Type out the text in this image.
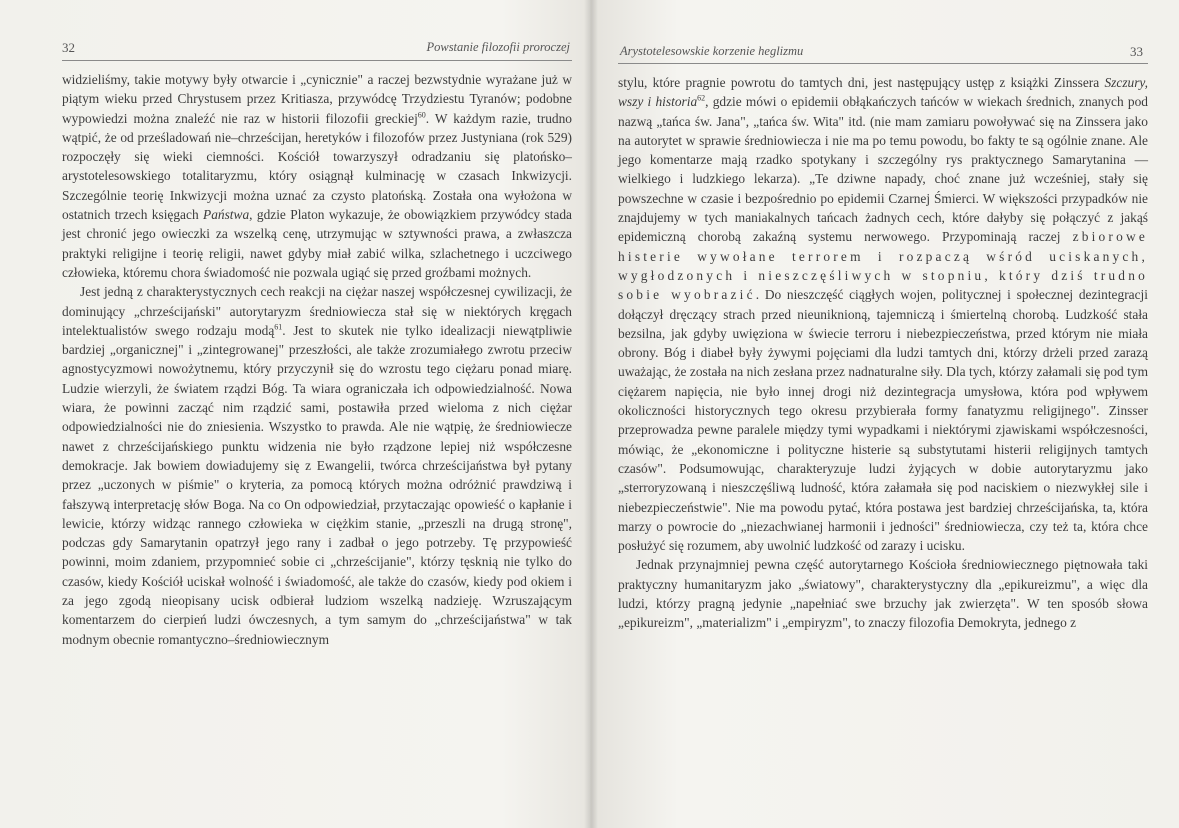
32	Powstanie filozofii proroczej

widzieliśmy, takie motywy były otwarcie i „cynicznie" a raczej bezwstydnie wyrażane już w piątym wieku przed Chrystusem przez Kritiasza, przywódcę Trzydziestu Tyranów; podobne wypowiedzi można znaleźć nie raz w historii filozofii greckiej$^{60}$. W każdym razie, trudno wątpić, że od prześladowań nie–chrześcijan, heretyków i filozofów przez Justyniana (rok 529) rozpoczęły się wieki ciemności. Kościół towarzyszył odradzaniu się platońsko–arystotelesowskiego totalitaryzmu, który osiągnął kulminację w czasach Inkwizycji. Szczególnie teorię Inkwizycji można uznać za czysto platońską. Została ona wyłożona w ostatnich trzech księgach Państwa, gdzie Platon wykazuje, że obowiązkiem przywódcy stada jest chronić jego owieczki za wszelką cenę, utrzymując w sztywności prawa, a zwłaszcza praktyki religijne i teorię religii, nawet gdyby miał zabić wilka, szlachetnego i uczciwego człowieka, któremu chora świadomość nie pozwala ugiąć się przed groźbami możnych.

Jest jedną z charakterystycznych cech reakcji na ciężar naszej współczesnej cywilizacji, że dominujący „chrześcijański" autorytaryzm średniowiecza stał się w niektórych kręgach intelektualistów swego rodzaju modą$^{61}$. Jest to skutek nie tylko idealizacji niewątpliwie bardziej „organicznej" i „zintegrowanej" przeszłości, ale także zrozumiałego zwrotu przeciw agnostycyzmowi nowożytnemu, który przyczynił się do wzrostu tego ciężaru ponad miarę. Ludzie wierzyli, że światem rządzi Bóg. Ta wiara ograniczała ich odpowiedzialność. Nowa wiara, że powinni zacząć nim rządzić sami, postawiła przed wieloma z nich ciężar odpowiedzialności nie do zniesienia. Wszystko to prawda. Ale nie wątpię, że średniowiecze nawet z chrześcijańskiego punktu widzenia nie było rządzone lepiej niż współczesne demokracje. Jak bowiem dowiadujemy się z Ewangelii, twórca chrześcijaństwa był pytany przez „uczonych w piśmie" o kryteria, za pomocą których można odróżnić prawdziwą i fałszywą interpretację słów Boga. Na co On odpowiedział, przytaczając opowieść o kapłanie i lewicie, którzy widząc rannego człowieka w ciężkim stanie, „przeszli na drugą stronę", podczas gdy Samarytanin opatrzył jego rany i zadbał o jego potrzeby. Tę przypowieść powinni, moim zdaniem, przypomnieć sobie ci „chrześcijanie", którzy tęsknią nie tylko do czasów, kiedy Kościół uciskał wolność i świadomość, ale także do czasów, kiedy pod okiem i za jego zgodą nieopisany ucisk odbierał ludziom wszelką nadzieję. Wzruszającym komentarzem do cierpień ludzi ówczesnych, a tym samym do „chrześcijaństwa" w tak modnym obecnie romantyczno–średniowiecznym

Arystotelesowskie korzenie heglizmu	33

stylu, które pragnie powrotu do tamtych dni, jest następujący ustęp z książki Zinssera Szczury, wszy i historia$^{62}$, gdzie mówi o epidemii obłąkańczych tańców w wiekach średnich, znanych pod nazwą „tańca św. Jana", „tańca św. Wita" itd. (nie mam zamiaru powoływać się na Zinssera jako na autorytet w sprawie średniowiecza i nie ma po temu powodu, bo fakty te są ogólnie znane. Ale jego komentarze mają rzadko spotykany i szczególny rys praktycznego Samarytanina — wielkiego i ludzkiego lekarza). „Te dziwne napady, choć znane już wcześniej, stały się powszechne w czasie i bezpośrednio po epidemii Czarnej Śmierci. W większości przypadków nie znajdujemy w tych maniakalnych tańcach żadnych cech, które dałyby się połączyć z jakąś epidemiczną chorobą zakaźną systemu nerwowego. Przypominają raczej zbiorowe histerie wywołane terrorem i rozpaczą wśród uciskanych, wygłodzonych i nieszczęśliwych w stopniu, który dziś trudno sobie wyobrazić. Do nieszczęść ciągłych wojen, politycznej i społecznej dezintegracji dołączył dręczący strach przed nieuniknioną, tajemniczą i śmiertelną chorobą. Ludzkość stała bezsilna, jak gdyby uwięziona w świecie terroru i niebezpieczeństwa, przed którym nie miała obrony. Bóg i diabeł były żywymi pojęciami dla ludzi tamtych dni, którzy drżeli przed zarazą uważając, że została na nich zesłana przez nadnaturalne siły. Dla tych, którzy załamali się pod tym ciężarem napięcia, nie było innej drogi niż dezintegracja umysłowa, która pod wpływem okoliczności historycznych tego okresu przybierała formy fanatyzmu religijnego". Zinsser przeprowadza pewne paralele między tymi wypadkami i niektórymi zjawiskami współczesności, mówiąc, że „ekonomiczne i polityczne histerie są substytutami histerii religijnych tamtych czasów". Podsumowując, charakteryzuje ludzi żyjących w dobie autorytaryzmu jako „sterroryzowaną i nieszczęśliwą ludność, która załamała się pod naciskiem o niezwykłej sile i niebezpieczeństwie". Nie ma powodu pytać, która postawa jest bardziej chrześcijańska, ta, która marzy o powrocie do „niezachwianej harmonii i jedności" średniowiecza, czy też ta, która chce posłużyć się rozumem, aby uwolnić ludzkość od zarazy i ucisku.

Jednak przynajmniej pewna część autorytarnego Kościoła średniowiecznego piętnowała taki praktyczny humanitaryzm jako „światowy", charakterystyczny dla „epikureizmu", a więc dla ludzi, którzy pragną jedynie „napełniać swe brzuchy jak zwierzęta". W ten sposób słowa „epikureizm", „materializm" i „empiryzm", to znaczy filozofia Demokryta, jednego z
